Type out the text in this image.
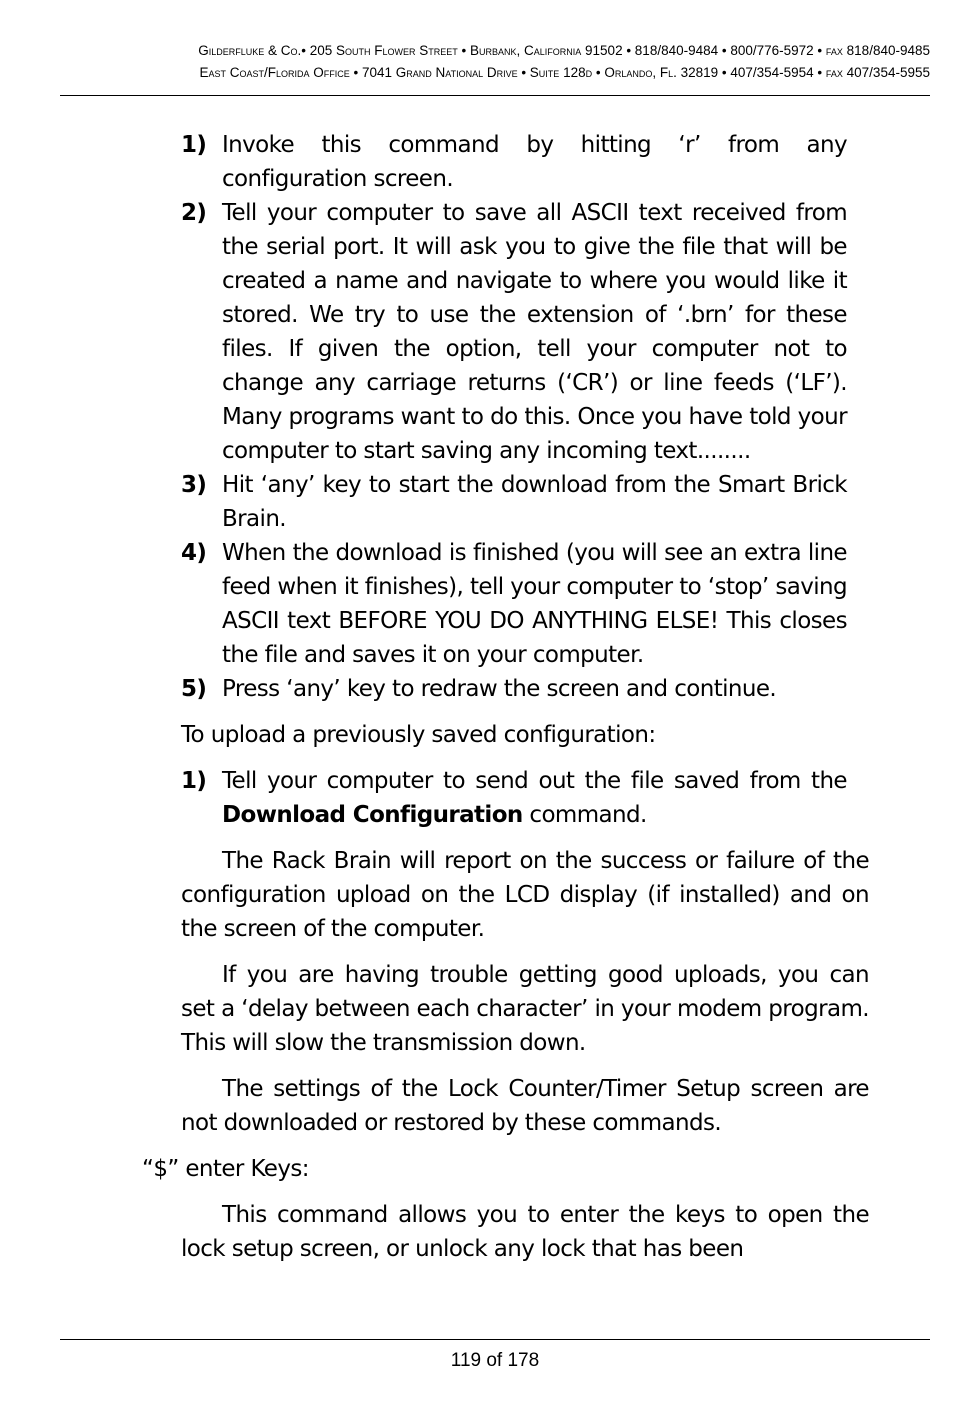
Gilderfluke & Co.• 205 South Flower Street • Burbank, California 91502 • 818/840-9484 • 800/776-5972 • fax 818/840-9485
East Coast/Florida Office • 7041 Grand National Drive • Suite 128d • Orlando, Fl. 32819 • 407/354-5954 • fax 407/354-5955
1) Invoke this command by hitting ‘r’ from any configuration screen.
2) Tell your computer to save all ASCII text received from the serial port. It will ask you to give the file that will be created a name and navigate to where you would like it stored. We try to use the extension of ‘.brn’ for these files. If given the option, tell your computer not to change any carriage returns (‘CR’) or line feeds (‘LF’). Many programs want to do this. Once you have told your computer to start saving any incoming text........
3) Hit ‘any’ key to start the download from the Smart Brick Brain.
4) When the download is finished (you will see an extra line feed when it finishes), tell your computer to ‘stop’ saving ASCII text BEFORE YOU DO ANYTHING ELSE! This closes the file and saves it on your computer.
5) Press ‘any’ key to redraw the screen and continue.

To upload a previously saved configuration:

1) Tell your computer to send out the file saved from the Download Configuration command.

The Rack Brain will report on the success or failure of the configuration upload on the LCD display (if installed) and on the screen of the computer.

If you are having trouble getting good uploads, you can set a ‘delay between each character’ in your modem program. This will slow the transmission down.

The settings of the Lock Counter/Timer Setup screen are not downloaded or restored by these commands.

“$” enter Keys:

This command allows you to enter the keys to open the lock setup screen, or unlock any lock that has been

119 of 178
